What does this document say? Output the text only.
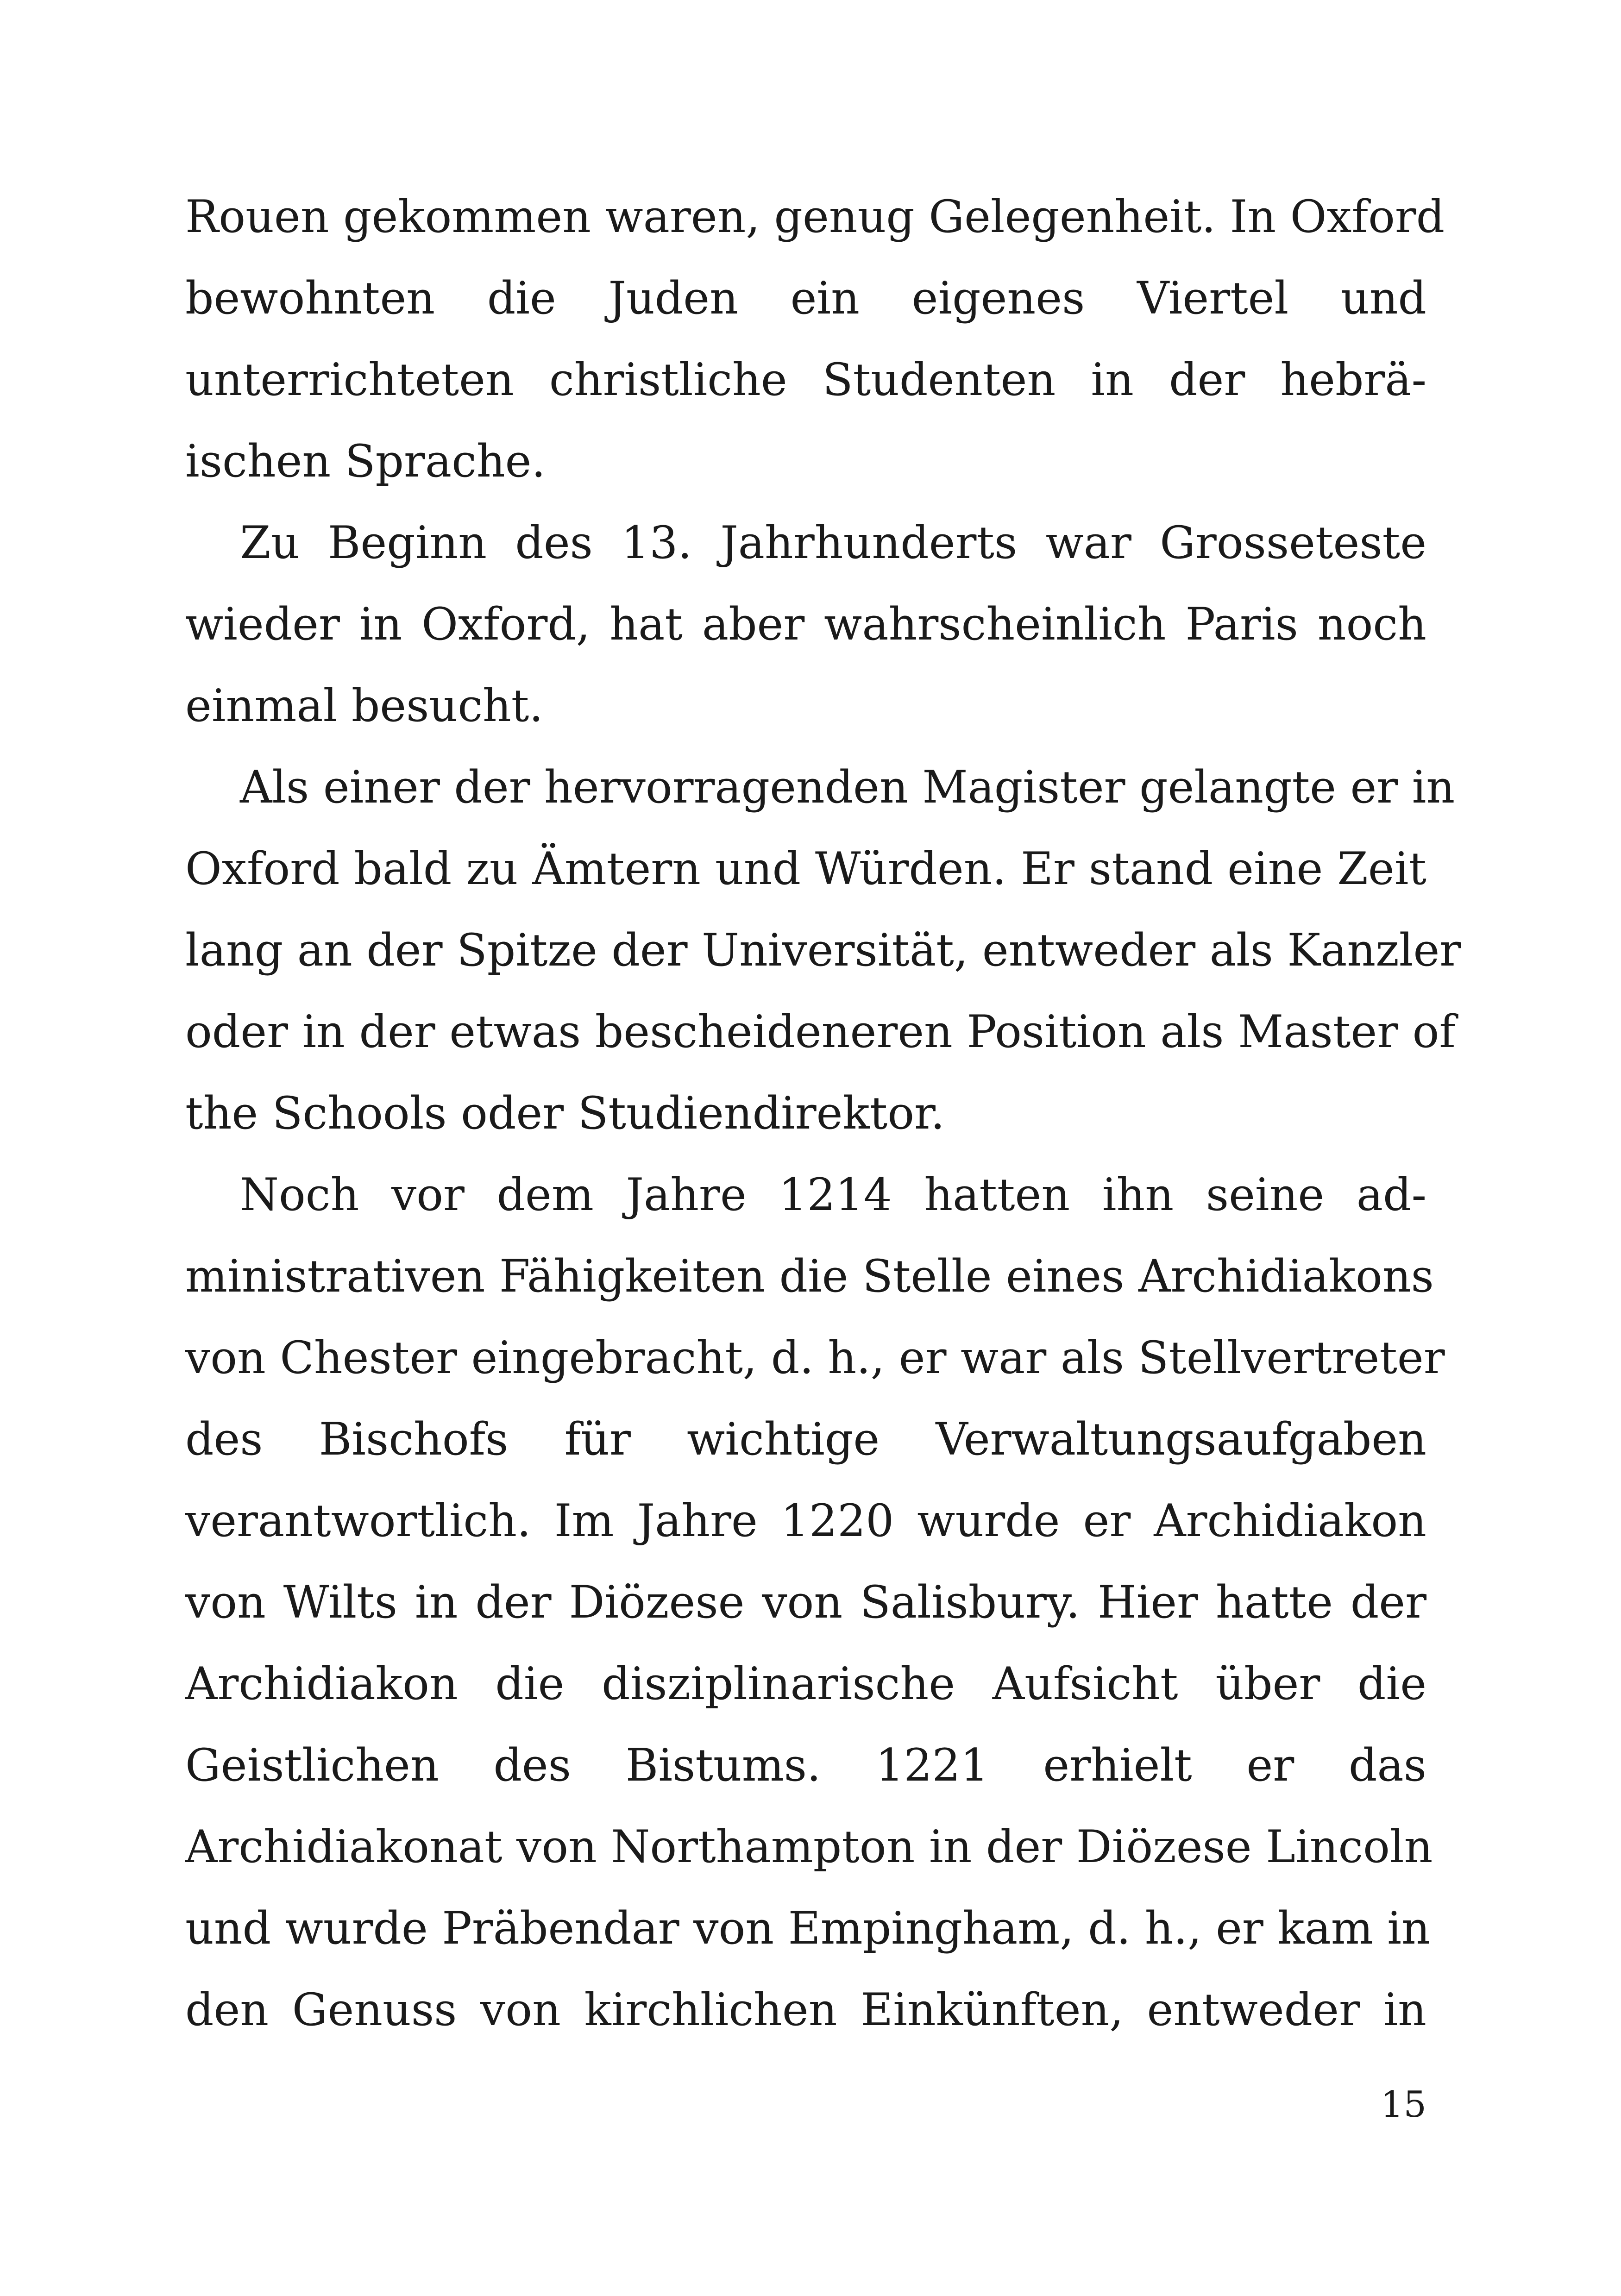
Rouen gekommen waren, genug Gelegenheit. In Oxford
bewohnten die Juden ein eigenes Viertel und
unterrichteten christliche Studenten in der hebrä-
ischen Sprache.
Zu Beginn des 13. Jahrhunderts war Grosseteste
wieder in Oxford, hat aber wahrscheinlich Paris noch
einmal besucht.
Als einer der hervorragenden Magister gelangte er in
Oxford bald zu Ämtern und Würden. Er stand eine Zeit
lang an der Spitze der Universität, entweder als Kanzler
oder in der etwas bescheideneren Position als Master of
the Schools oder Studiendirektor.
Noch vor dem Jahre 1214 hatten ihn seine ad-
ministrativen Fähigkeiten die Stelle eines Archidiakons
von Chester eingebracht, d. h., er war als Stellvertreter
des Bischofs für wichtige Verwaltungsaufgaben
verantwortlich. Im Jahre 1220 wurde er Archidiakon
von Wilts in der Diözese von Salisbury. Hier hatte der
Archidiakon die disziplinarische Aufsicht über die
Geistlichen des Bistums. 1221 erhielt er das
Archidiakonat von Northampton in der Diözese Lincoln
und wurde Präbendar von Empingham, d. h., er kam in
den Genuss von kirchlichen Einkünften, entweder in
15
